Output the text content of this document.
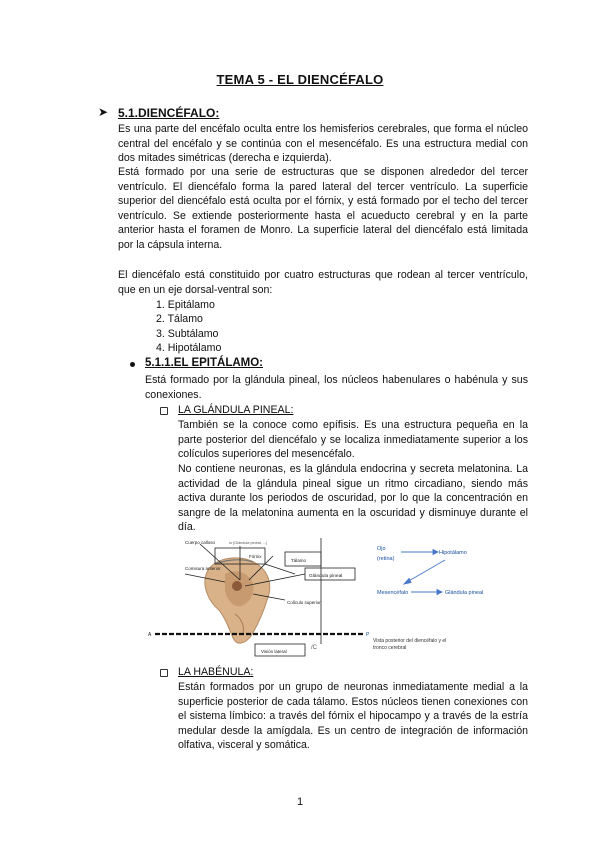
TEMA 5 - EL DIENCÉFALO
➤ 5.1.DIENCÉFALO:

Es una parte del encéfalo oculta entre los hemisferios cerebrales, que forma el núcleo central del encéfalo y se continúa con el mesencéfalo. Es una estructura medial con dos mitades simétricas (derecha e izquierda).

Está formado por una serie de estructuras que se disponen alrededor del tercer ventrículo. El diencéfalo forma la pared lateral del tercer ventrículo. La superficie superior del diencéfalo está oculta por el fórnix, y está formado por el techo del tercer ventrículo. Se extiende posteriormente hasta el acueducto cerebral y en la parte anterior hasta el foramen de Monro. La superficie lateral del diencéfalo está limitada por la cápsula interna.

El diencéfalo está constituido por cuatro estructuras que rodean al tercer ventrículo, que en un eje dorsal-ventral son:

1. Epitálamo
2. Tálamo
3. Subtálamo
4. Hipotálamo
5.1.1.EL EPITÁLAMO:

Está formado por la glándula pineal, los núcleos habenulares o habénula y sus conexiones.

LA GLÁNDULA PINEAL:

También se la conoce como epífisis. Es una estructura pequeña en la parte posterior del diencéfalo y se localiza inmediatamente superior a los colículos superiores del mesencéfalo.

No contiene neuronas, es la glándula endocrina y secreta melatonina. La actividad de la glándula pineal sigue un ritmo circadiano, siendo más activa durante los periodos de oscuridad, por lo que la concentración en sangre de la melatonina aumenta en la oscuridad y disminuye durante el día.

Cuerpo calloso	lo (Glándula pineal, ...)
Fórnix
Tálamo
Comisura anterior
Glándula pineal
Colículo superior
Visión lateral
A	P
/C
Ojo
(retina)
Hipotálamo
Mesencéfalo	Glándula pineal
Vista posterior del diencéfalo y el tronco cerebral
LA HABÉNULA:

Están formados por un grupo de neuronas inmediatamente medial a la superficie posterior de cada tálamo. Estos núcleos tienen conexiones con el sistema límbico: a través del fórnix el hipocampo y a través de la estría medular desde la amígdala. Es un centro de integración de información olfativa, visceral y somática.

1
